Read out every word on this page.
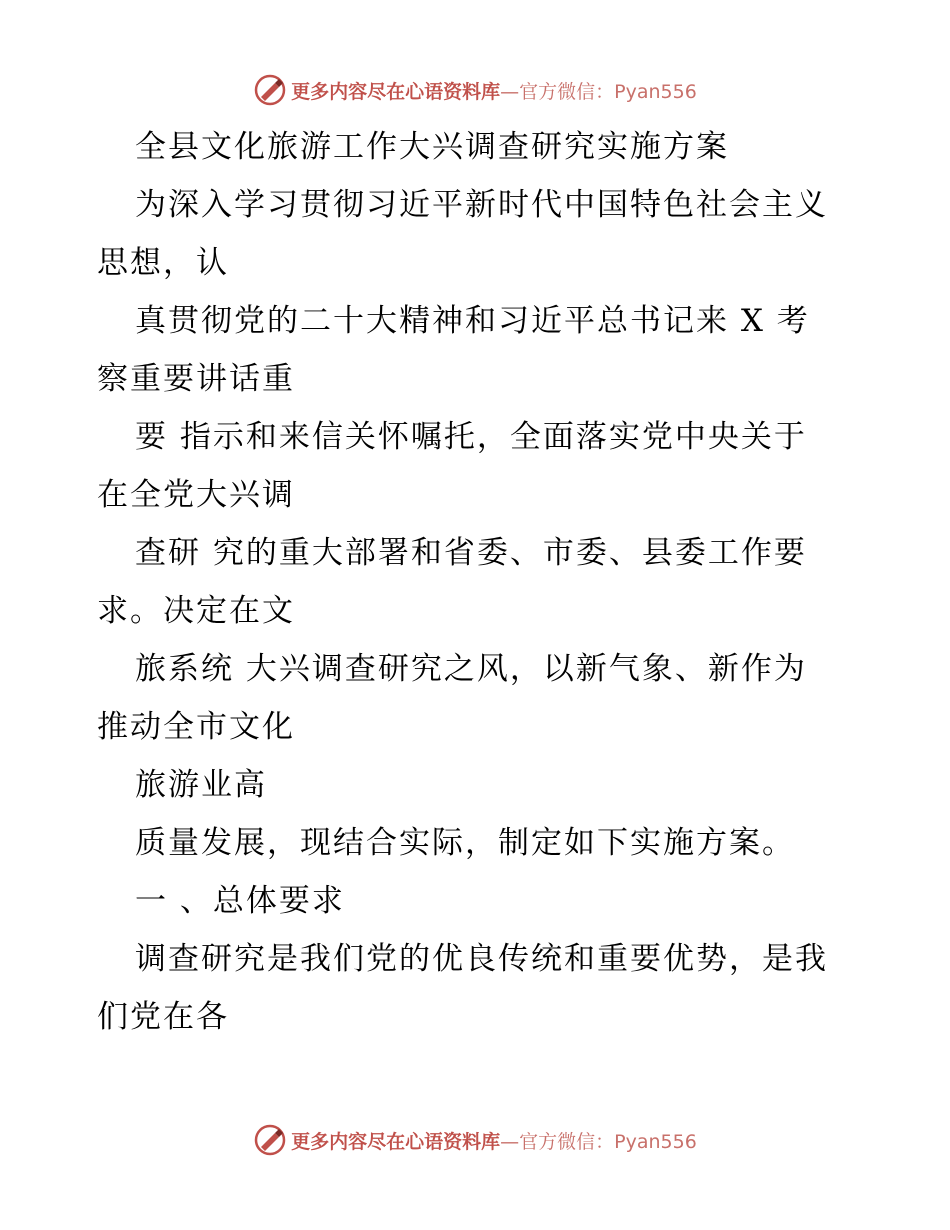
更多内容尽在心语资料库—官方微信：Pyan556
全县文化旅游工作大兴调查研究实施方案
为深入学习贯彻习近平新时代中国特色社会主义
思想，认
真贯彻党的二十大精神和习近平总书记来 X 考
察重要讲话重
要 指示和来信关怀嘱托，全面落实党中央关于
在全党大兴调
查研 究的重大部署和省委、市委、县委工作要
求。决定在文
旅系统 大兴调查研究之风，以新气象、新作为
推动全市文化
旅游业高
质量发展，现结合实际，制定如下实施方案。
一 、总体要求
调查研究是我们党的优良传统和重要优势，是我
们党在各
更多内容尽在心语资料库—官方微信：Pyan556
